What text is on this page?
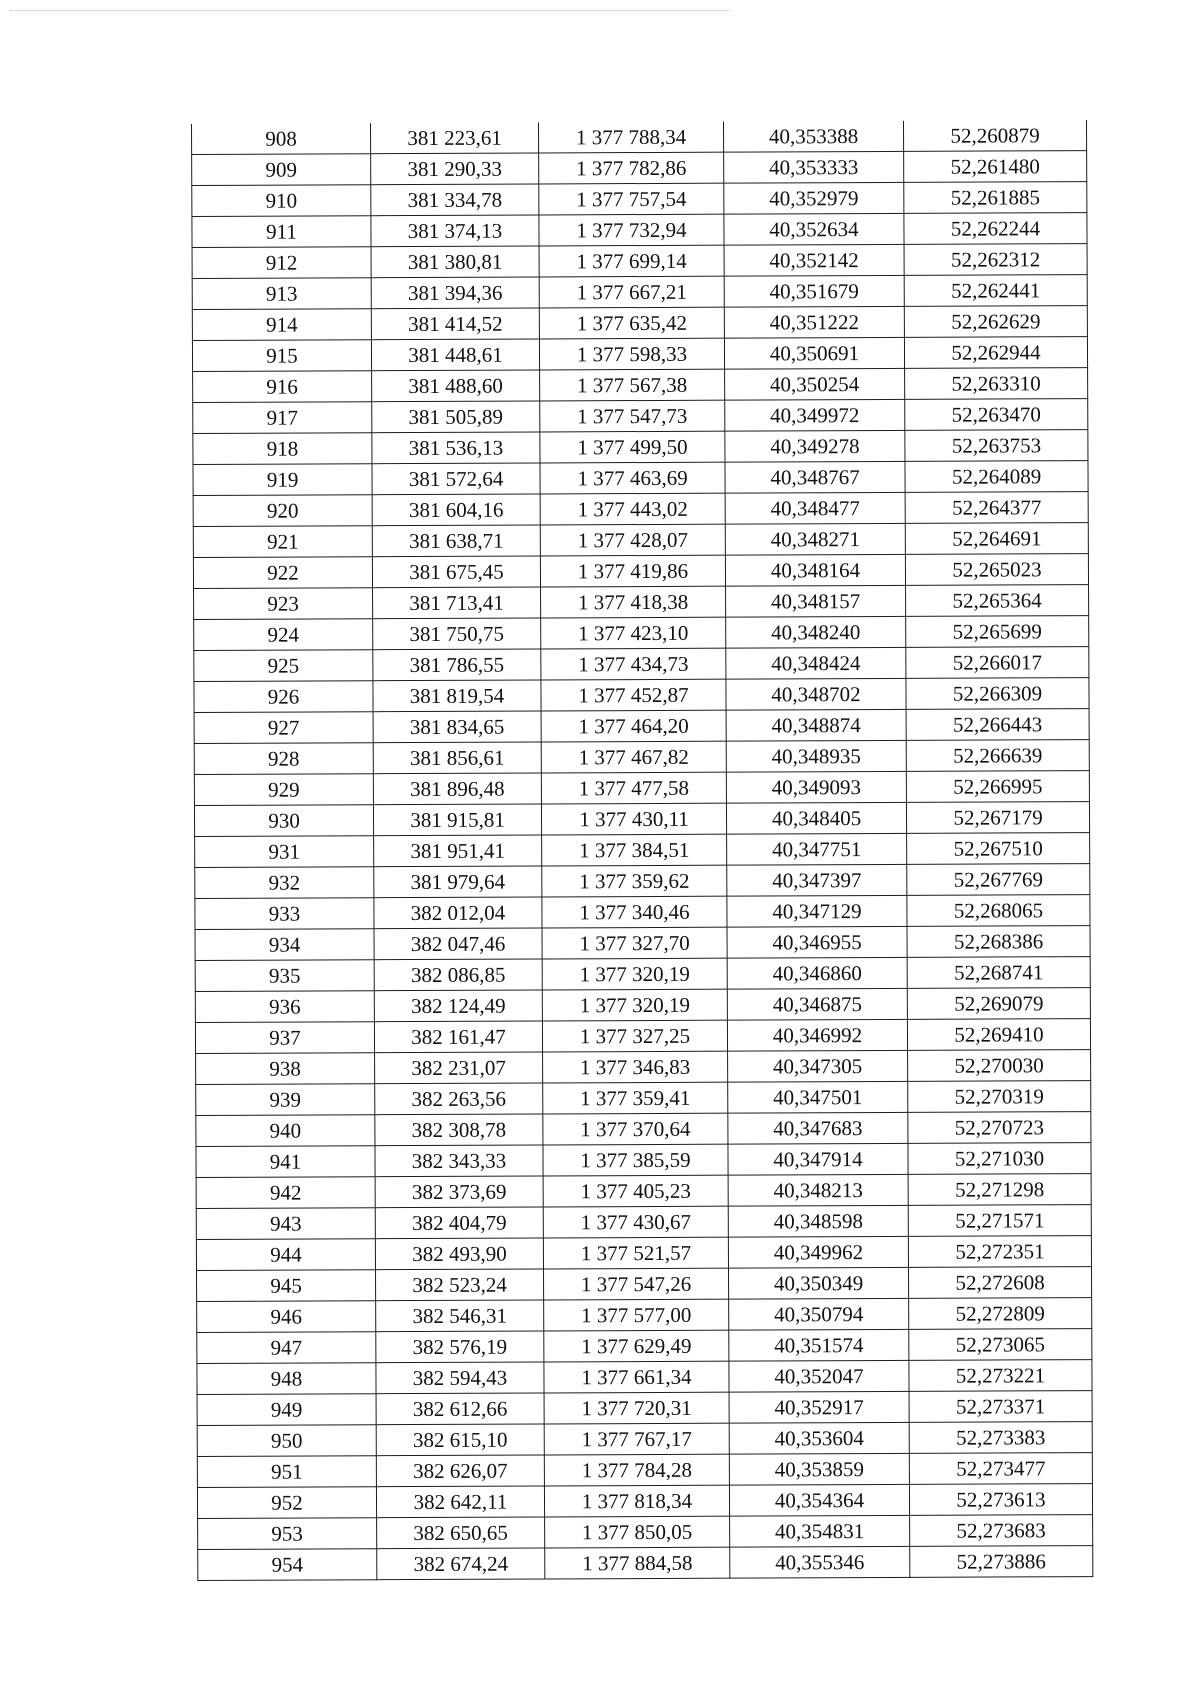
908	381 223,61	1 377 788,34	40,353388	52,260879
909	381 290,33	1 377 782,86	40,353333	52,261480
910	381 334,78	1 377 757,54	40,352979	52,261885
911	381 374,13	1 377 732,94	40,352634	52,262244
912	381 380,81	1 377 699,14	40,352142	52,262312
913	381 394,36	1 377 667,21	40,351679	52,262441
914	381 414,52	1 377 635,42	40,351222	52,262629
915	381 448,61	1 377 598,33	40,350691	52,262944
916	381 488,60	1 377 567,38	40,350254	52,263310
917	381 505,89	1 377 547,73	40,349972	52,263470
918	381 536,13	1 377 499,50	40,349278	52,263753
919	381 572,64	1 377 463,69	40,348767	52,264089
920	381 604,16	1 377 443,02	40,348477	52,264377
921	381 638,71	1 377 428,07	40,348271	52,264691
922	381 675,45	1 377 419,86	40,348164	52,265023
923	381 713,41	1 377 418,38	40,348157	52,265364
924	381 750,75	1 377 423,10	40,348240	52,265699
925	381 786,55	1 377 434,73	40,348424	52,266017
926	381 819,54	1 377 452,87	40,348702	52,266309
927	381 834,65	1 377 464,20	40,348874	52,266443
928	381 856,61	1 377 467,82	40,348935	52,266639
929	381 896,48	1 377 477,58	40,349093	52,266995
930	381 915,81	1 377 430,11	40,348405	52,267179
931	381 951,41	1 377 384,51	40,347751	52,267510
932	381 979,64	1 377 359,62	40,347397	52,267769
933	382 012,04	1 377 340,46	40,347129	52,268065
934	382 047,46	1 377 327,70	40,346955	52,268386
935	382 086,85	1 377 320,19	40,346860	52,268741
936	382 124,49	1 377 320,19	40,346875	52,269079
937	382 161,47	1 377 327,25	40,346992	52,269410
938	382 231,07	1 377 346,83	40,347305	52,270030
939	382 263,56	1 377 359,41	40,347501	52,270319
940	382 308,78	1 377 370,64	40,347683	52,270723
941	382 343,33	1 377 385,59	40,347914	52,271030
942	382 373,69	1 377 405,23	40,348213	52,271298
943	382 404,79	1 377 430,67	40,348598	52,271571
944	382 493,90	1 377 521,57	40,349962	52,272351
945	382 523,24	1 377 547,26	40,350349	52,272608
946	382 546,31	1 377 577,00	40,350794	52,272809
947	382 576,19	1 377 629,49	40,351574	52,273065
948	382 594,43	1 377 661,34	40,352047	52,273221
949	382 612,66	1 377 720,31	40,352917	52,273371
950	382 615,10	1 377 767,17	40,353604	52,273383
951	382 626,07	1 377 784,28	40,353859	52,273477
952	382 642,11	1 377 818,34	40,354364	52,273613
953	382 650,65	1 377 850,05	40,354831	52,273683
954	382 674,24	1 377 884,58	40,355346	52,273886
